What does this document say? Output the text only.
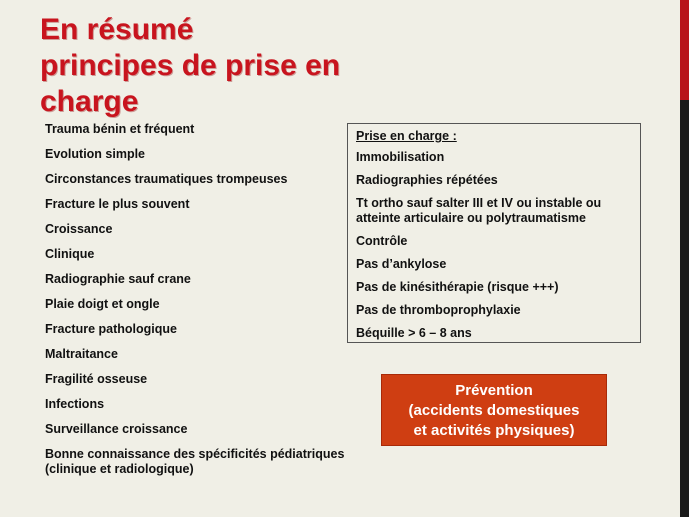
En résumé
principes de prise en
charge
Trauma bénin et fréquent
Evolution simple
Circonstances traumatiques trompeuses
Fracture le plus souvent
Croissance
Clinique
Radiographie sauf crane
Plaie doigt et ongle
Fracture pathologique
Maltraitance
Fragilité osseuse
Infections
Surveillance croissance
Bonne connaissance des spécificités pédiatriques (clinique et radiologique)
Prise en charge :
Immobilisation
Radiographies répétées
Tt ortho sauf salter III et IV ou instable ou atteinte articulaire ou polytraumatisme
Contrôle
Pas d’ankylose
Pas de kinésithérapie (risque +++)
Pas de thromboprophylaxie
Béquille > 6 – 8 ans
Prévention
(accidents domestiques
et activités physiques)
